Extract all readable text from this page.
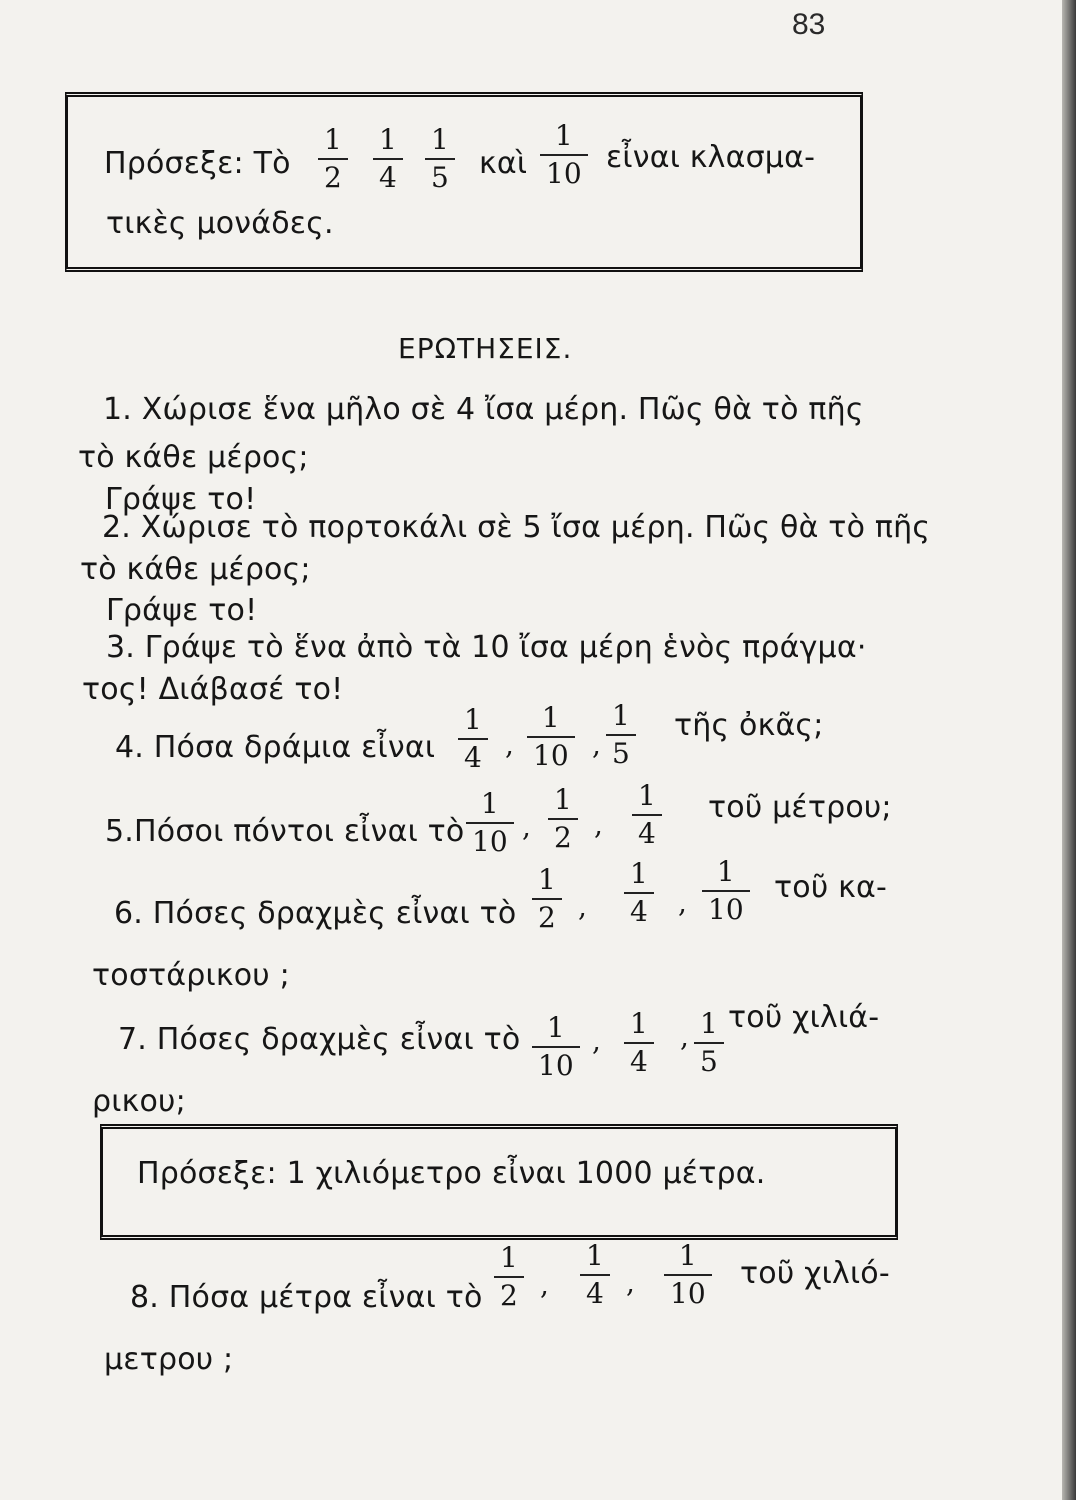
83
Πρόσεξε: Τὸ $\frac{1}{2} \frac{1}{4} \frac{1}{5}$ καὶ $\frac{1}{10}$ εἶναι κλασμα-
τικὲς μονάδες.
ΕΡΩΤΗΣΕΙΣ.
1. Χώρισε ἕνα μῆλο σὲ 4 ἴσα μέρη. Πῶς θὰ τὸ πῆς
τὸ κάθε μέρος;
Γράψε το!
2. Χώρισε τὸ πορτοκάλι σὲ 5 ἴσα μέρη. Πῶς θὰ τὸ πῆς
τὸ κάθε μέρος;
Γράψε το!
3. Γράψε τὸ ἕνα ἀπὸ τὰ 10 ἴσα μέρη ἑνὸς πράγμα·
τος! Διάβασέ το!
4. Πόσα δράμια εἶναι $\frac{1}{4}$ , $\frac{1}{10}$ , $\frac{1}{5}$ τῆς ὀκᾶς;
5.Πόσοι πόντοι εἶναι τὸ $\frac{1}{10}$ , $\frac{1}{2}$ , $\frac{1}{4}$ τοῦ μέτρου;
6. Πόσες δραχμὲς εἶναι τὸ $\frac{1}{2}$ , $\frac{1}{4}$ , $\frac{1}{10}$ τοῦ κα-
τοστάρικου ;
7. Πόσες δραχμὲς εἶναι τὸ $\frac{1}{10}$ , $\frac{1}{4}$ , $\frac{1}{5}$ τοῦ χιλιά-
ρικου;
Πρόσεξε: 1 χιλιόμετρο εἶναι 1000 μέτρα.
8. Πόσα μέτρα εἶναι τὸ $\frac{1}{2}$ , $\frac{1}{4}$ , $\frac{1}{10}$ τοῦ χιλιό-
μετρου ;
